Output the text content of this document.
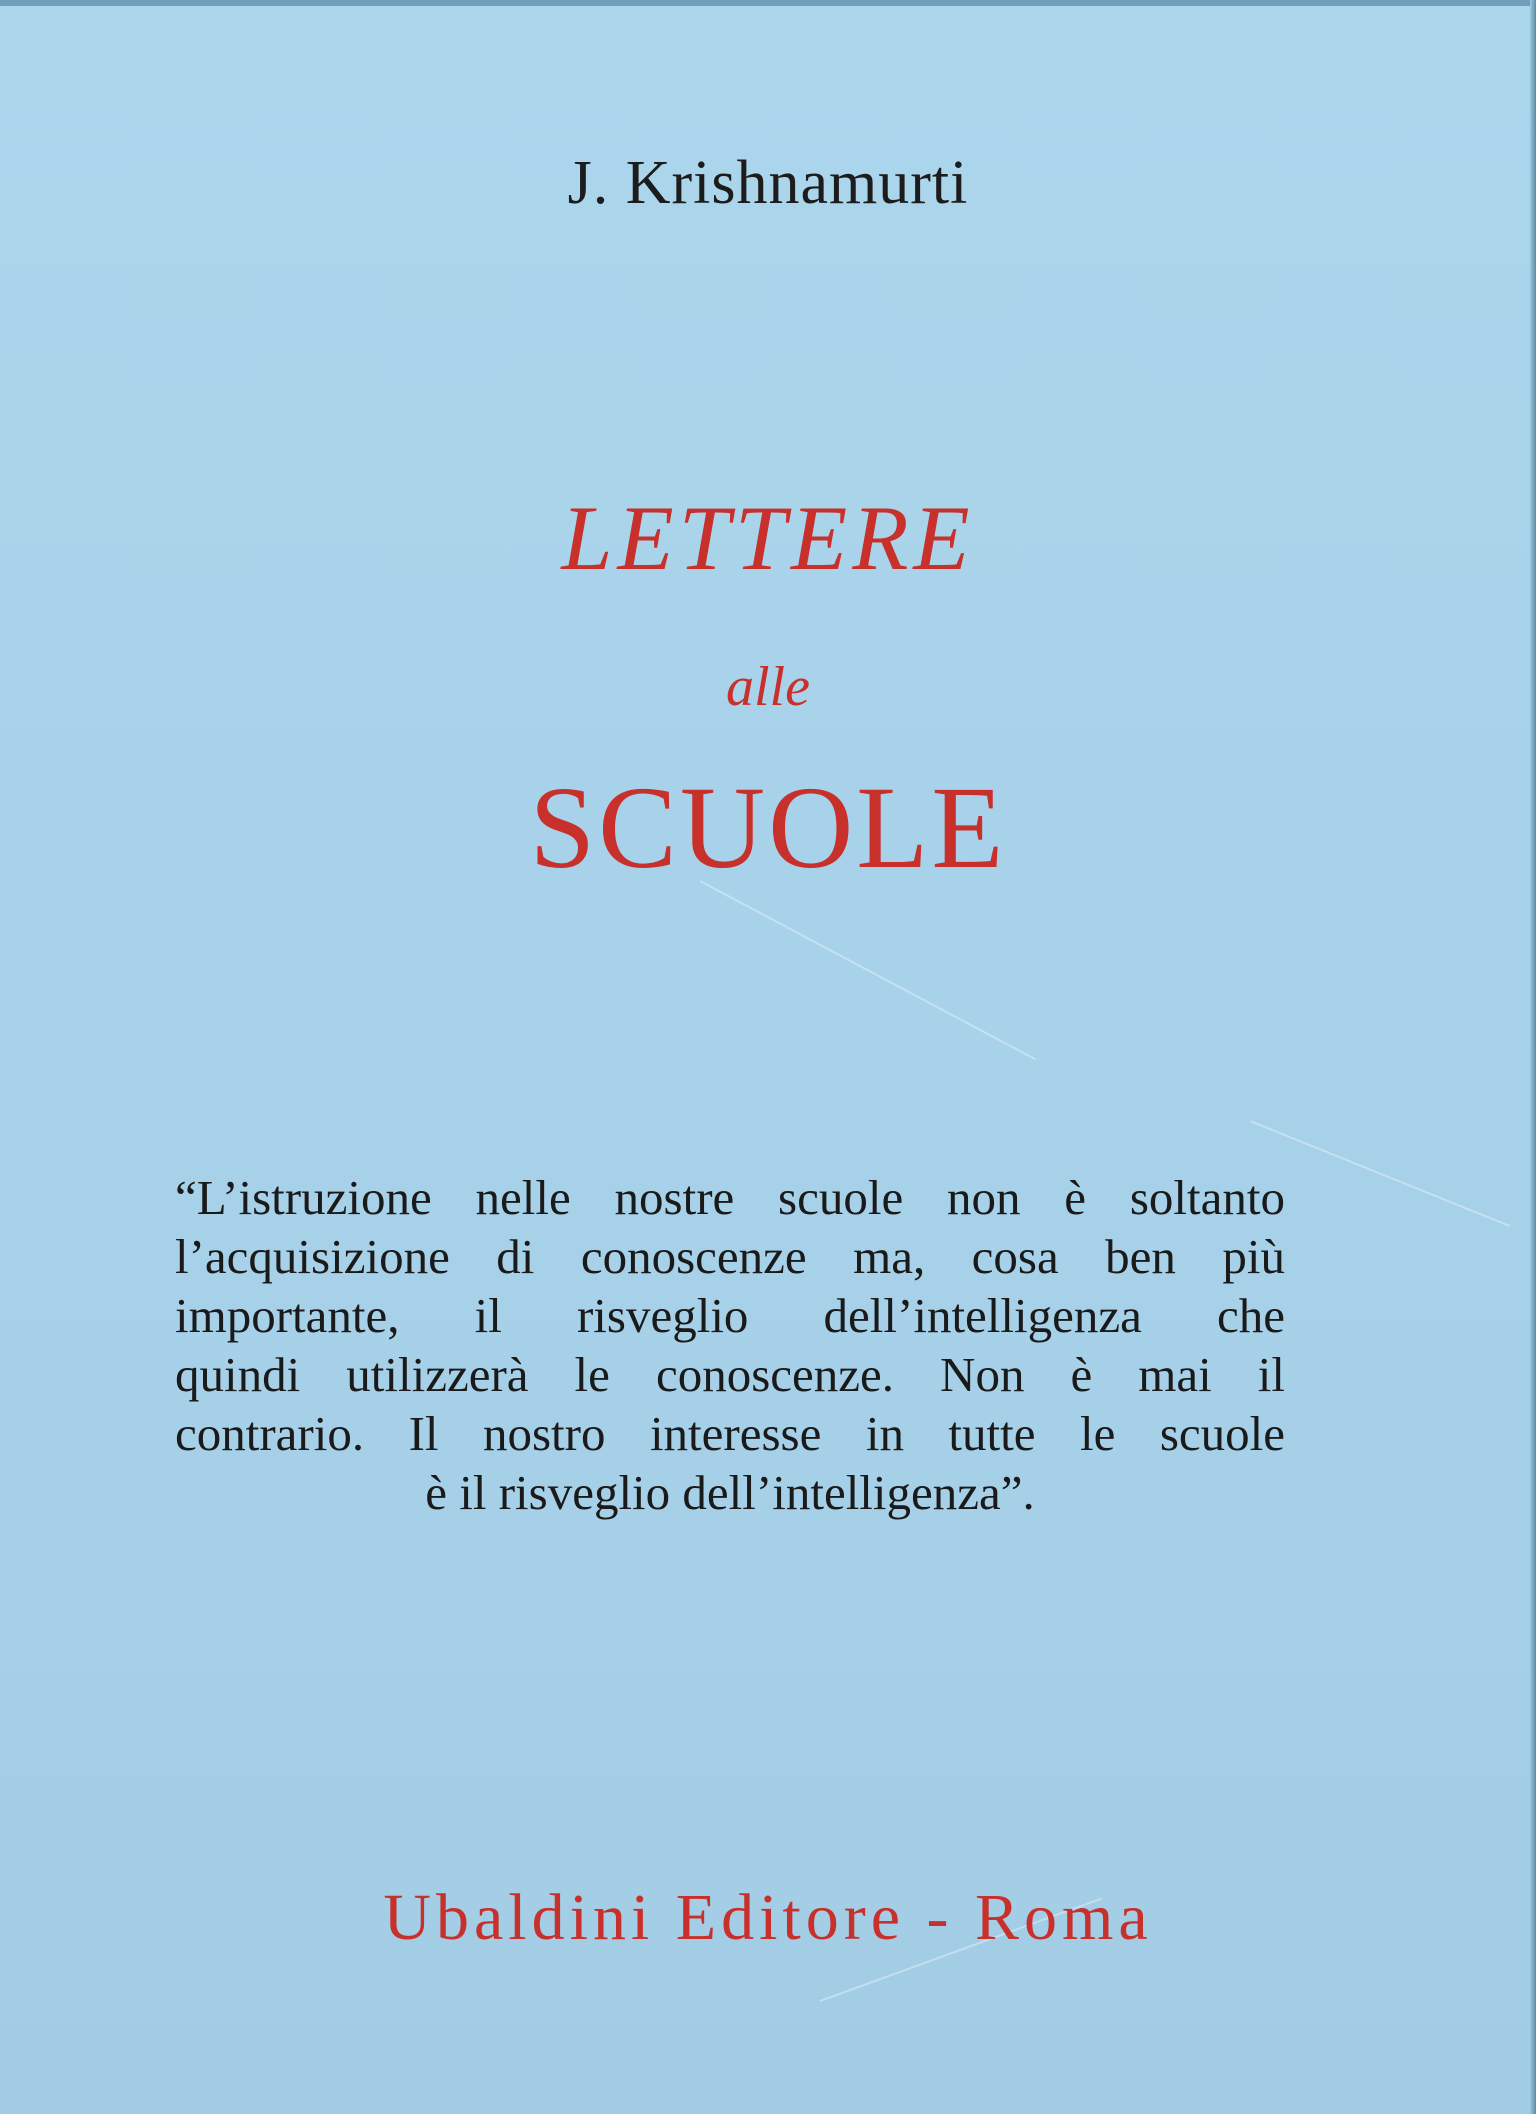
J. Krishnamurti
LETTERE
alle
SCUOLE
“L’istruzione nelle nostre scuole non è soltanto
l’acquisizione di conoscenze ma, cosa ben più
importante, il risveglio dell’intelligenza che
quindi utilizzerà le conoscenze. Non è mai il
contrario. Il nostro interesse in tutte le scuole
è il risveglio dell’intelligenza”.
Ubaldini Editore - Roma
